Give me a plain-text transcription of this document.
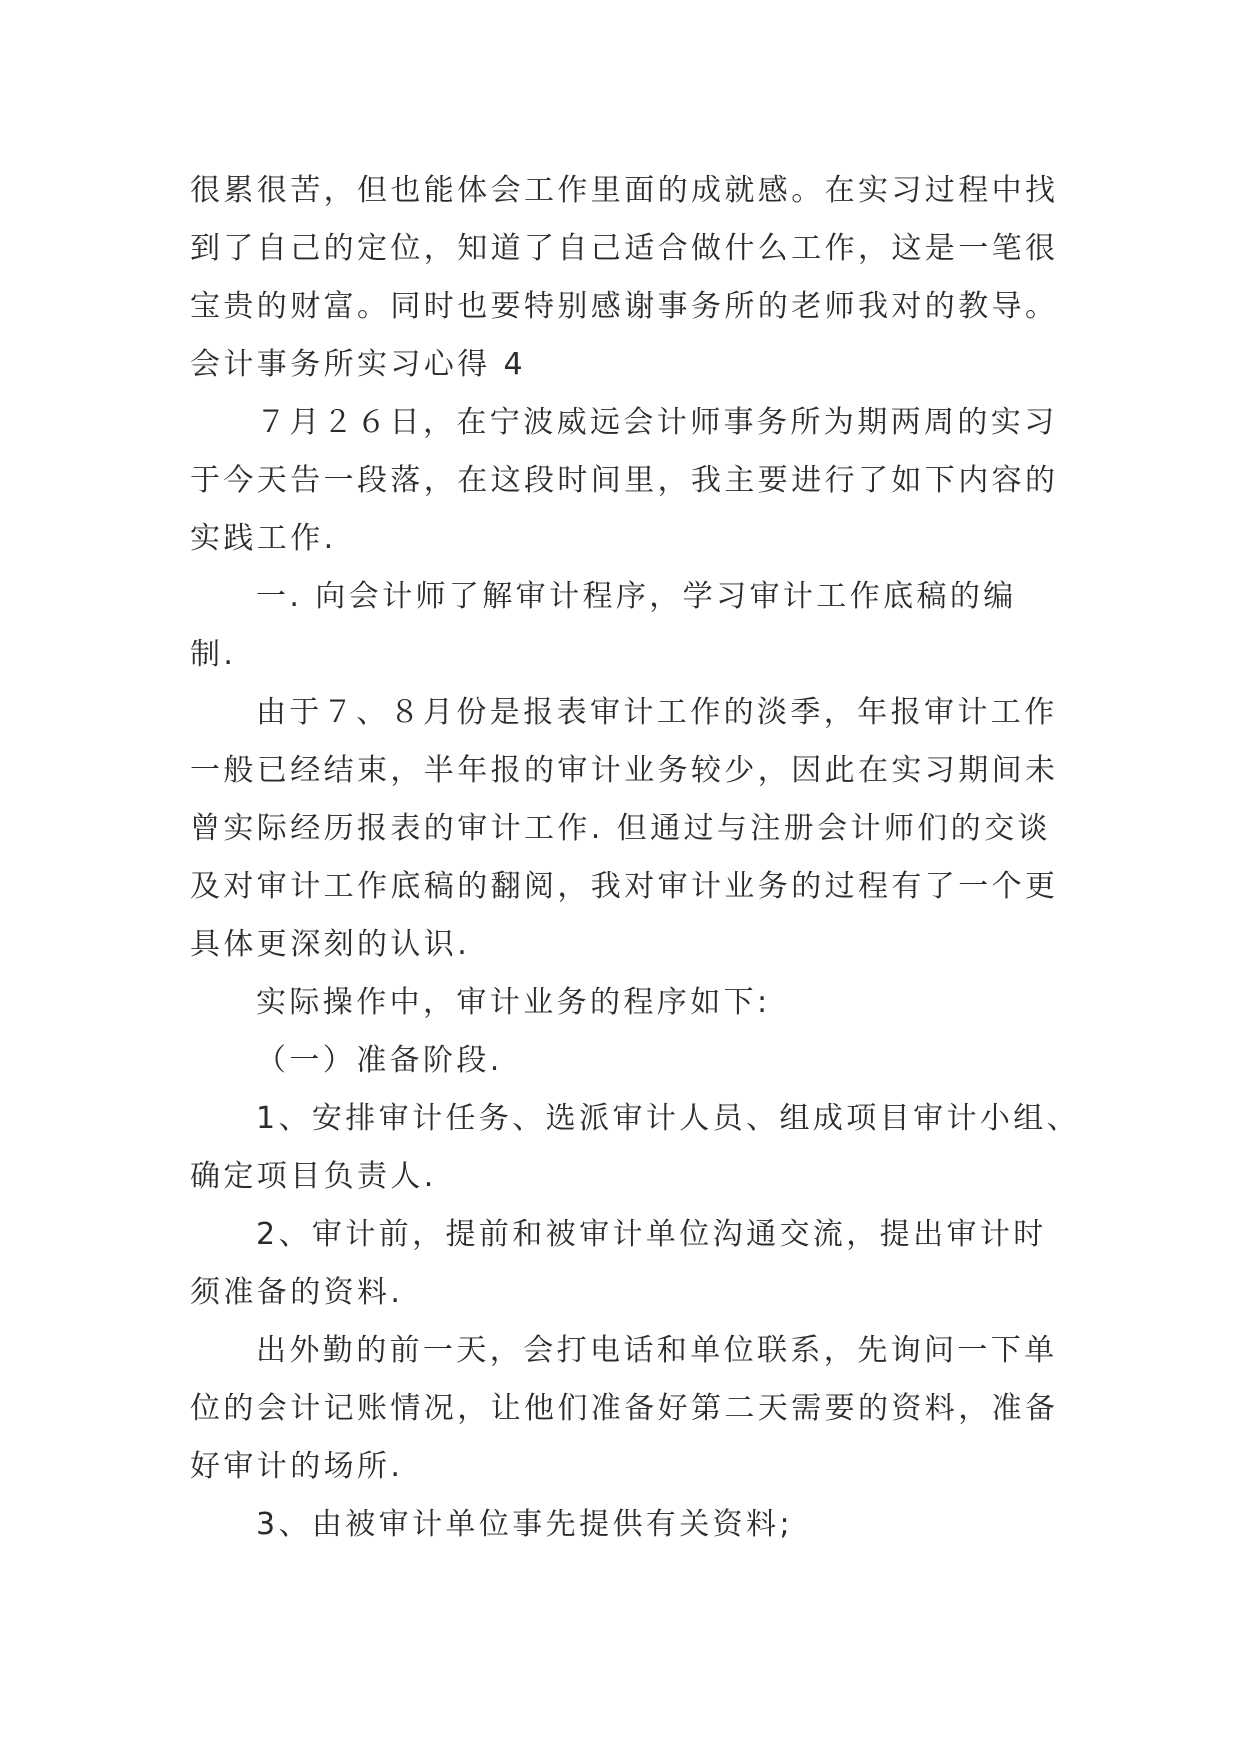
很累很苦，但也能体会工作里面的成就感。在实习过程中找
到了自己的定位，知道了自己适合做什么工作，这是一笔很
宝贵的财富。同时也要特别感谢事务所的老师我对的教导。
会计事务所实习心得 4
７月２６日，在宁波威远会计师事务所为期两周的实习
于今天告一段落，在这段时间里，我主要进行了如下内容的
实践工作.
一. 向会计师了解审计程序，学习审计工作底稿的编
制.
由于７、８月份是报表审计工作的淡季，年报审计工作
一般已经结束，半年报的审计业务较少，因此在实习期间未
曾实际经历报表的审计工作. 但通过与注册会计师们的交谈
及对审计工作底稿的翻阅，我对审计业务的过程有了一个更
具体更深刻的认识.
实际操作中，审计业务的程序如下:
（一）准备阶段.
1、安排审计任务、选派审计人员、组成项目审计小组、
确定项目负责人.
2、审计前，提前和被审计单位沟通交流，提出审计时
须准备的资料.
出外勤的前一天，会打电话和单位联系，先询问一下单
位的会计记账情况，让他们准备好第二天需要的资料，准备
好审计的场所.
3、由被审计单位事先提供有关资料;
